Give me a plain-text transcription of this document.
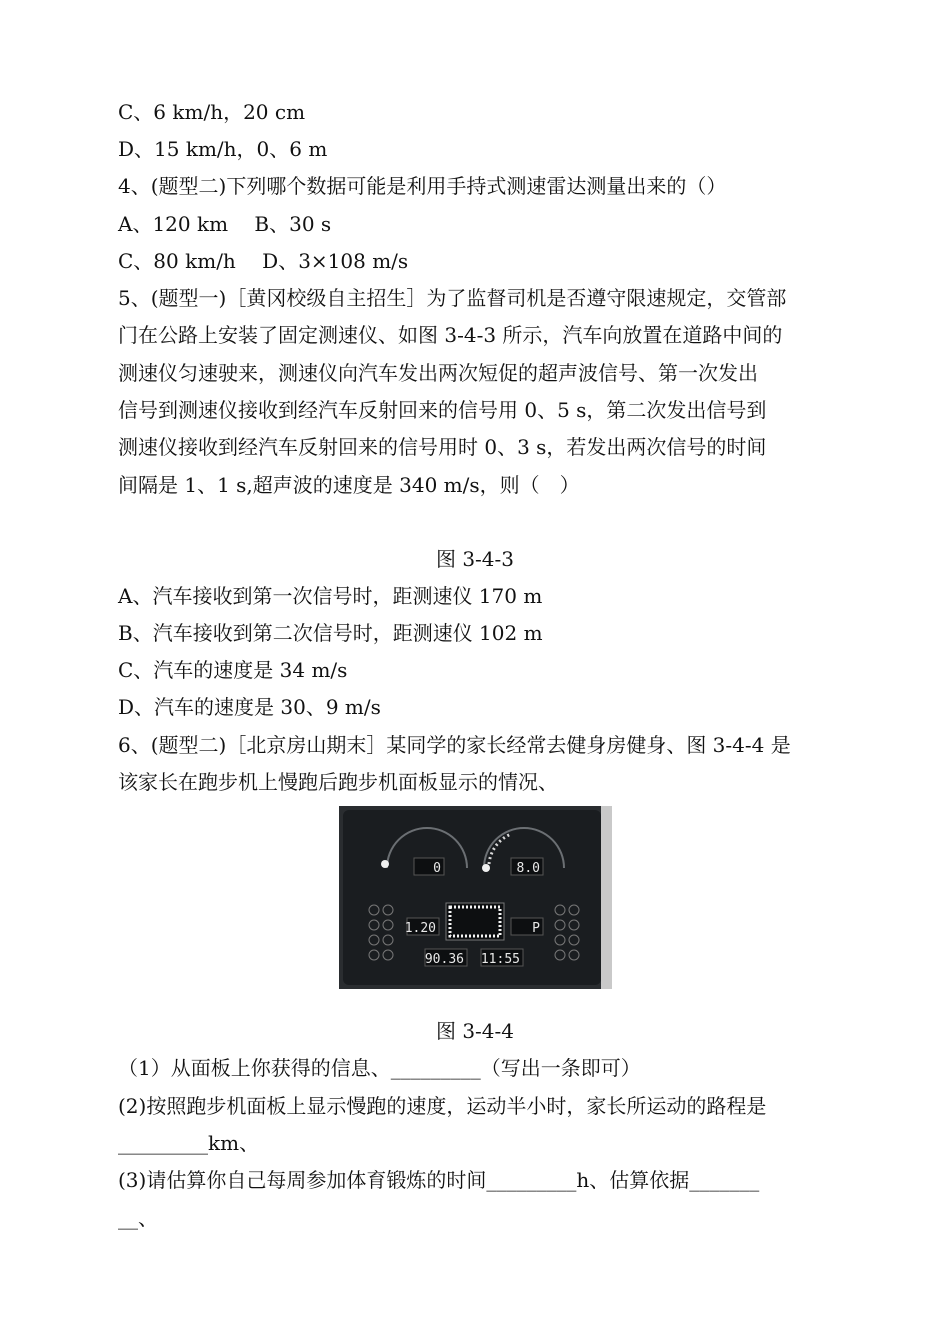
C、6 km/h，20 cm
D、15 km/h，0、6 m
4、(题型二)下列哪个数据可能是利用手持式测速雷达测量出来的（）
A、120 km　 B、30 s
C、80 km/h　 D、3×108 m/s
5、(题型一)［黄冈校级自主招生］为了监督司机是否遵守限速规定，交管部
门在公路上安装了固定测速仪、如图 3-4-3 所示，汽车向放置在道路中间的
测速仪匀速驶来，测速仪向汽车发出两次短促的超声波信号、第一次发出
信号到测速仪接收到经汽车反射回来的信号用 0、5 s，第二次发出信号到
测速仪接收到经汽车反射回来的信号用时 0、3 s，若发出两次信号的时间
间隔是 1、1 s,超声波的速度是 340 m/s，则（　）
图 3-4-3
A、汽车接收到第一次信号时，距测速仪 170 m
B、汽车接收到第二次信号时，距测速仪 102 m
C、汽车的速度是 34 m/s
D、汽车的速度是 30、9 m/s
6、(题型二)［北京房山期末］某同学的家长经常去健身房健身、图 3-4-4 是
该家长在跑步机上慢跑后跑步机面板显示的情况、
0	8.0
1.20	P
90.36 11:55
图 3-4-4
（1）从面板上你获得的信息、_________（写出一条即可）
(2)按照跑步机面板上显示慢跑的速度，运动半小时，家长所运动的路程是
_________km、
(3)请估算你自己每周参加体育锻炼的时间_________h、估算依据_______
__、
